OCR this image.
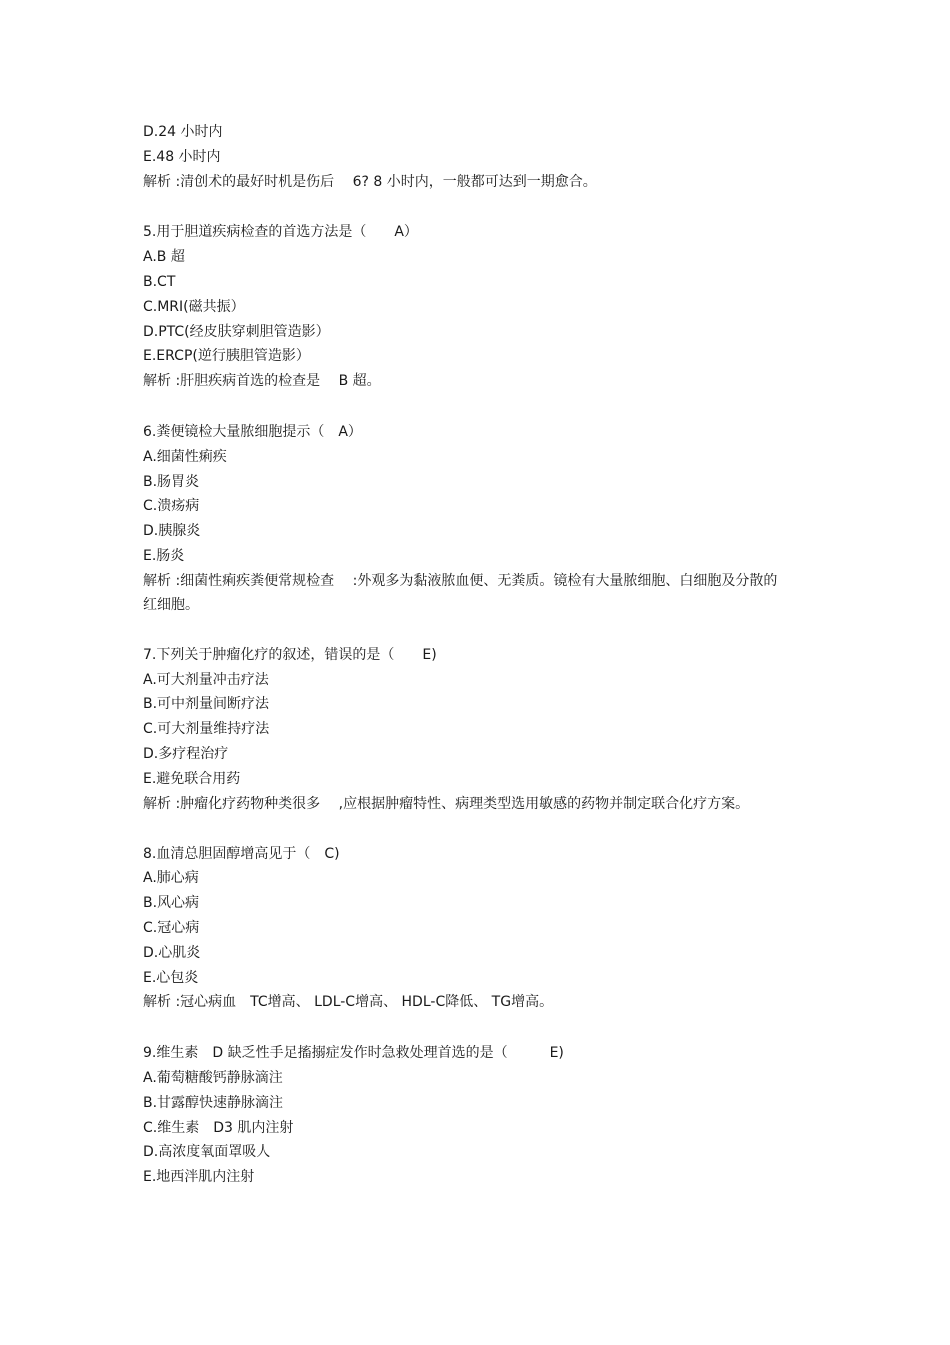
D.24 小时内
E.48 小时内
解析 :清创术的最好时机是伤后　 6? 8 小时内，一般都可达到一期愈合。
5.用于胆道疾病检查的首选方法是（　　A）
A.B 超
B.CT
C.MRI(磁共振）
D.PTC(经皮肤穿刺胆管造影）
E.ERCP(逆行胰胆管造影）
解析 :肝胆疾病首选的检查是　 B 超。
6.粪便镜检大量脓细胞提示（　A）
A.细菌性痢疾
B.肠胃炎
C.溃疡病
D.胰腺炎
E.肠炎
解析 :细菌性痢疾粪便常规检查　 :外观多为黏液脓血便、无粪质。镜检有大量脓细胞、白细胞及分散的红细胞。
7.下列关于肿瘤化疗的叙述，错误的是（　　E)
A.可大剂量冲击疗法
B.可中剂量间断疗法
C.可大剂量维持疗法
D.多疗程治疗
E.避免联合用药
解析 :肿瘤化疗药物种类很多　 ,应根据肿瘤特性、病理类型选用敏感的药物并制定联合化疗方案。
8.血清总胆固醇增高见于（　C)
A.肺心病
B.风心病
C.冠心病
D.心肌炎
E.心包炎
解析 :冠心病血　TC增高、 LDL-C增高、 HDL-C降低、 TG增高。
9.维生素　D 缺乏性手足搐搦症发作时急救处理首选的是（　　　E)
A.葡萄糖酸钙静脉滴注
B.甘露醇快速静脉滴注
C.维生素　D3 肌内注射
D.高浓度氧面罩吸人
E.地西泮肌内注射
